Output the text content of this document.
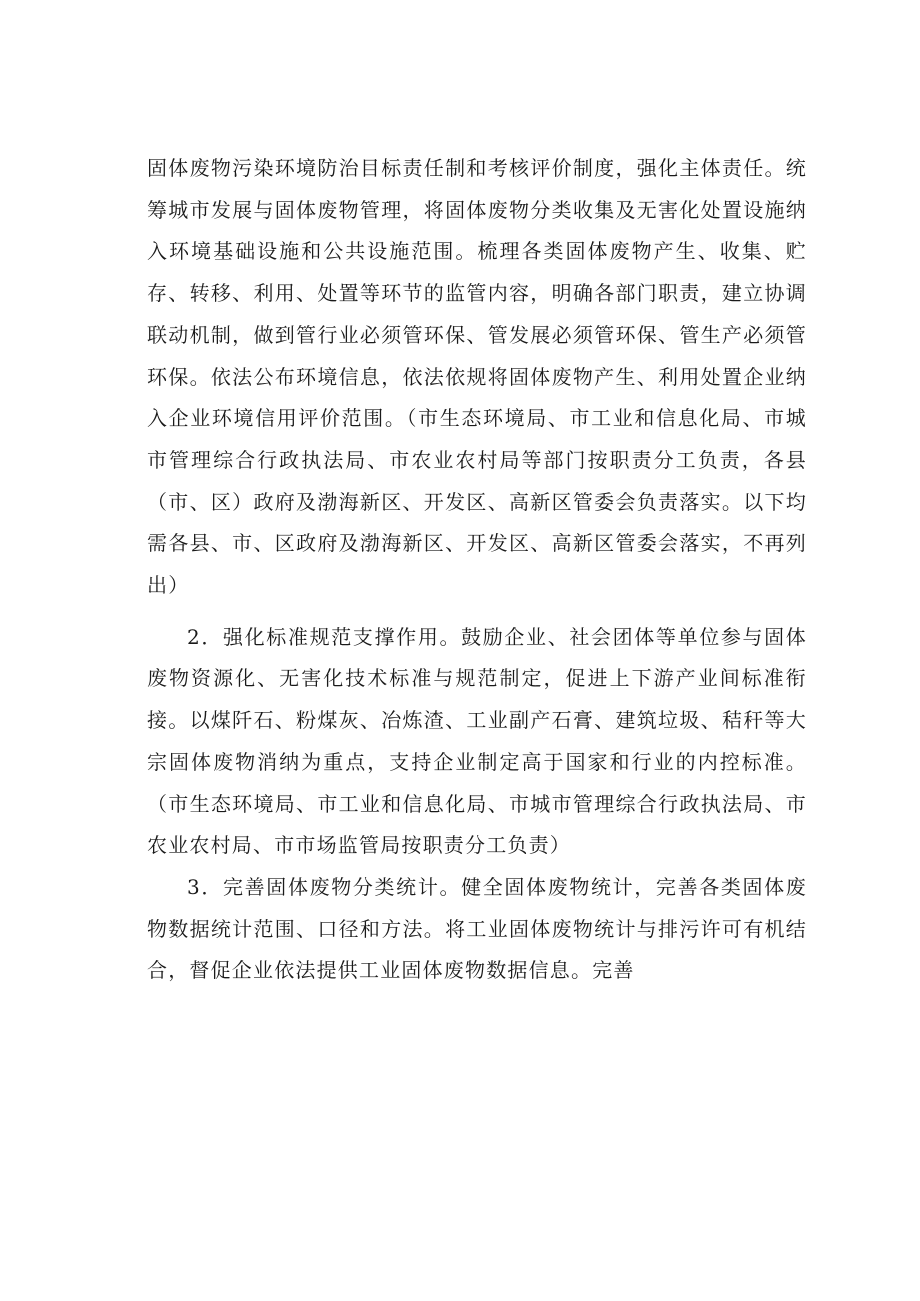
固体废物污染环境防治目标责任制和考核评价制度，强化主体责任。统筹城市发展与固体废物管理，将固体废物分类收集及无害化处置设施纳入环境基础设施和公共设施范围。梳理各类固体废物产生、收集、贮存、转移、利用、处置等环节的监管内容，明确各部门职责，建立协调联动机制，做到管行业必须管环保、管发展必须管环保、管生产必须管环保。依法公布环境信息，依法依规将固体废物产生、利用处置企业纳入企业环境信用评价范围。（市生态环境局、市工业和信息化局、市城市管理综合行政执法局、市农业农村局等部门按职责分工负责，各县（市、区）政府及渤海新区、开发区、高新区管委会负责落实。以下均需各县、市、区政府及渤海新区、开发区、高新区管委会落实，不再列出）

2．强化标准规范支撑作用。鼓励企业、社会团体等单位参与固体废物资源化、无害化技术标准与规范制定，促进上下游产业间标准衔接。以煤阡石、粉煤灰、冶炼渣、工业副产石膏、建筑垃圾、秸秆等大宗固体废物消纳为重点，支持企业制定高于国家和行业的内控标准。（市生态环境局、市工业和信息化局、市城市管理综合行政执法局、市农业农村局、市市场监管局按职责分工负责）

3．完善固体废物分类统计。健全固体废物统计，完善各类固体废物数据统计范围、口径和方法。将工业固体废物统计与排污许可有机结合，督促企业依法提供工业固体废物数据信息。完善
